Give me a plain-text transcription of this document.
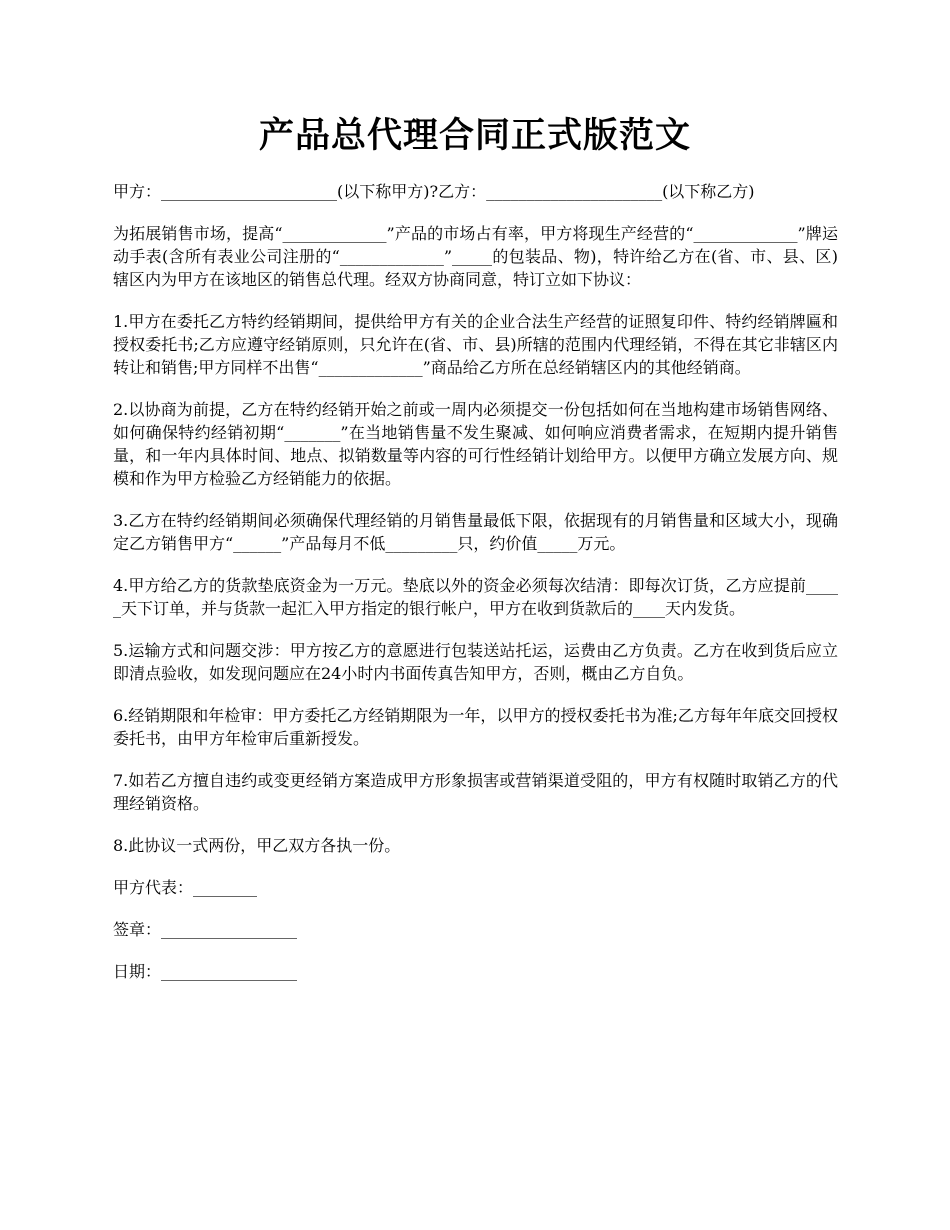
产品总代理合同正式版范文

甲方：______________________(以下称甲方)?乙方：______________________(以下称乙方)

为拓展销售市场，提高“_____________”产品的市场占有率，甲方将现生产经营的“_____________”牌运动手表(含所有表业公司注册的“_____________”_____的包装品、物)，特许给乙方在(省、市、县、区)辖区内为甲方在该地区的销售总代理。经双方协商同意，特订立如下协议：

1.甲方在委托乙方特约经销期间，提供给甲方有关的企业合法生产经营的证照复印件、特约经销牌匾和授权委托书;乙方应遵守经销原则，只允许在(省、市、县)所辖的范围内代理经销，不得在其它非辖区内转让和销售;甲方同样不出售“_____________”商品给乙方所在总经销辖区内的其他经销商。

2.以协商为前提，乙方在特约经销开始之前或一周内必须提交一份包括如何在当地构建市场销售网络、如何确保特约经销初期“_______”在当地销售量不发生聚减、如何响应消费者需求，在短期内提升销售量，和一年内具体时间、地点、拟销数量等内容的可行性经销计划给甲方。以便甲方确立发展方向、规模和作为甲方检验乙方经销能力的依据。

3.乙方在特约经销期间必须确保代理经销的月销售量最低下限，依据现有的月销售量和区域大小，现确定乙方销售甲方“______”产品每月不低_________只，约价值_____万元。

4.甲方给乙方的货款垫底资金为一万元。垫底以外的资金必须每次结清：即每次订货，乙方应提前_____天下订单，并与货款一起汇入甲方指定的银行帐户，甲方在收到货款后的____天内发货。

5.运输方式和问题交涉：甲方按乙方的意愿进行包装送站托运，运费由乙方负责。乙方在收到货后应立即清点验收，如发现问题应在24小时内书面传真告知甲方，否则，概由乙方自负。

6.经销期限和年检审：甲方委托乙方经销期限为一年，以甲方的授权委托书为准;乙方每年年底交回授权委托书，由甲方年检审后重新授发。

7.如若乙方擅自违约或变更经销方案造成甲方形象损害或营销渠道受阻的，甲方有权随时取销乙方的代理经销资格。

8.此协议一式两份，甲乙双方各执一份。

甲方代表：________

签章：_________________

日期：_________________
